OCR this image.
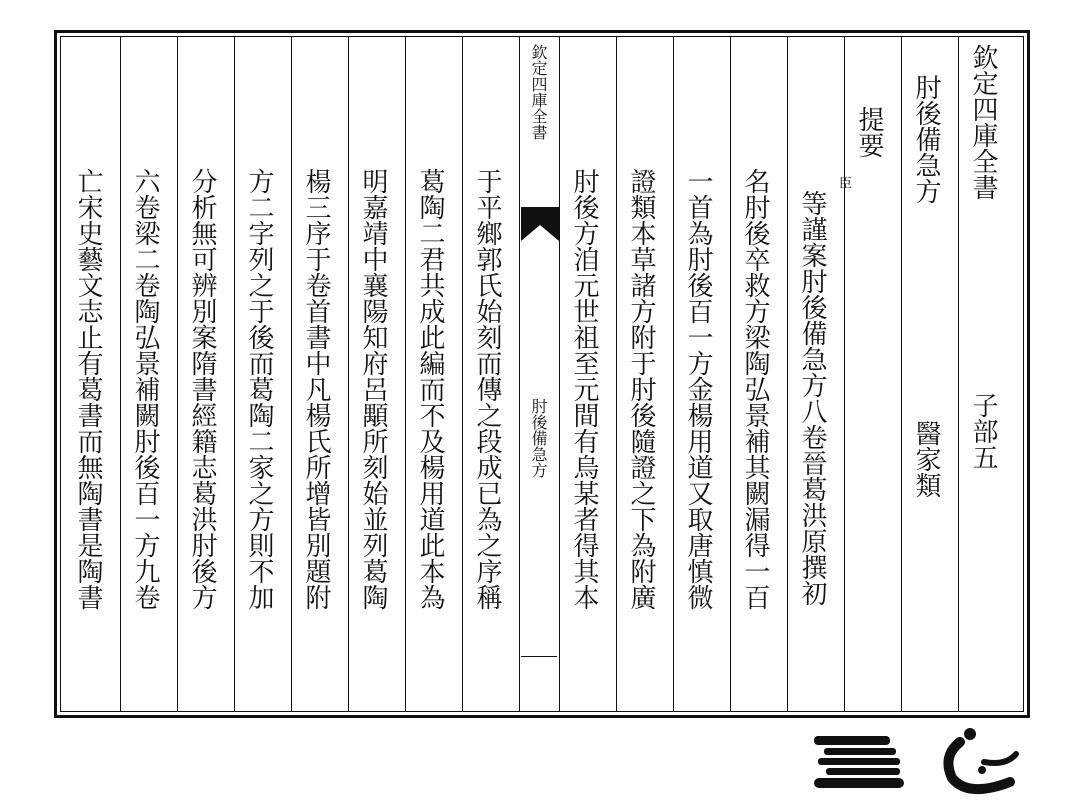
欽定四庫全書
子部五
肘後備急方
醫家類
提要
臣
等謹案肘後備急方八卷晉葛洪原撰初
名肘後卒救方梁陶弘景補其闕漏得一百
一首為肘後百一方金楊用道又取唐慎微
證類本草諸方附于肘後隨證之下為附廣
肘後方洎元世祖至元間有烏某者得其本
欽定四庫全書
肘後備急方
于平鄉郭氏始刻而傳之段成已為之序稱
葛陶二君共成此編而不及楊用道此本為
明嘉靖中襄陽知府呂顒所刻始並列葛陶
楊三序于卷首書中凡楊氏所增皆別題附
方二字列之于後而葛陶二家之方則不加
分析無可辨別案隋書經籍志葛洪肘後方
六卷梁二卷陶弘景補闕肘後百一方九卷
亡宋史藝文志止有葛書而無陶書是陶書
